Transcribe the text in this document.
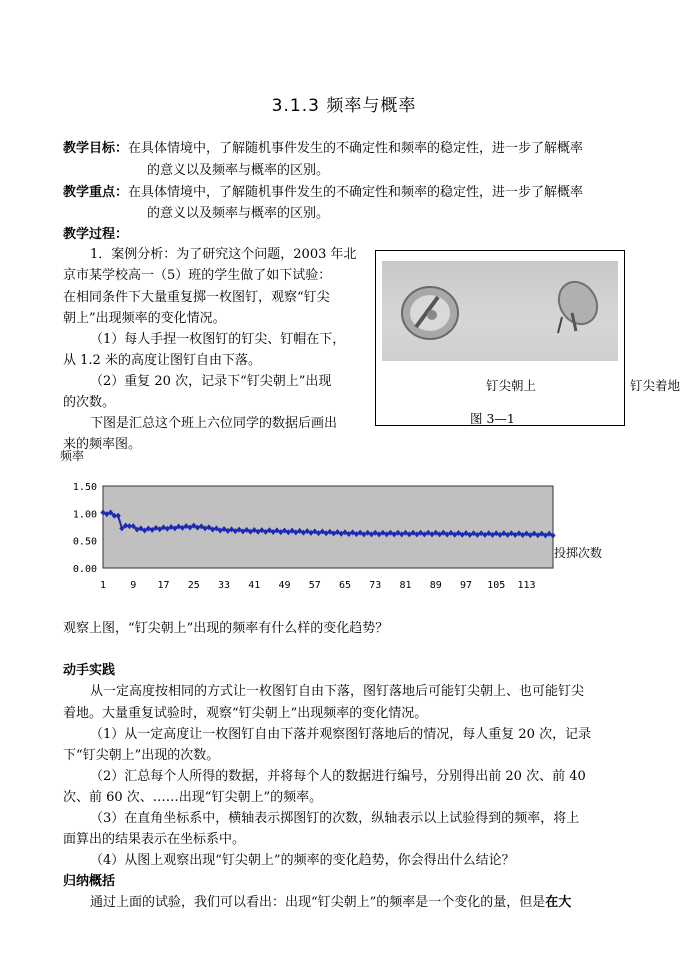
3.1.3 频率与概率
教学目标：在具体情境中，了解随机事件发生的不确定性和频率的稳定性，进一步了解概率
的意义以及频率与概率的区别。
教学重点：在具体情境中，了解随机事件发生的不确定性和频率的稳定性，进一步了解概率
的意义以及频率与概率的区别。
教学过程：
1．案例分析：为了研究这个问题，2003 年北
京市某学校高一（5）班的学生做了如下试验：
在相同条件下大量重复掷一枚图钉，观察“钉尖
朝上”出现频率的变化情况。
（1）每人手捏一枚图钉的钉尖、钉帽在下，
从 1.2 米的高度让图钉自由下落。
（2）重复 20 次，记录下“钉尖朝上”出现
的次数。
下图是汇总这个班上六位同学的数据后画出
来的频率图。
钉尖朝上	钉尖着地
图 3—1
频率
1.50
1.00
0.50
0.00
1 9 17 25 33 41 49 57 65 73 81 89 97 105 113
投掷次数
观察上图，“钉尖朝上”出现的频率有什么样的变化趋势？
动手实践
从一定高度按相同的方式让一枚图钉自由下落，图钉落地后可能钉尖朝上、也可能钉尖
着地。大量重复试验时，观察“钉尖朝上”出现频率的变化情况。
（1）从一定高度让一枚图钉自由下落并观察图钉落地后的情况，每人重复 20 次，记录
下“钉尖朝上”出现的次数。
（2）汇总每个人所得的数据，并将每个人的数据进行编号，分别得出前 20 次、前 40
次、前 60 次、……出现“钉尖朝上”的频率。
（3）在直角坐标系中，横轴表示掷图钉的次数，纵轴表示以上试验得到的频率，将上
面算出的结果表示在坐标系中。
（4）从图上观察出现“钉尖朝上”的频率的变化趋势，你会得出什么结论？
归纳概括
通过上面的试验，我们可以看出：出现“钉尖朝上”的频率是一个变化的量，但是在大
